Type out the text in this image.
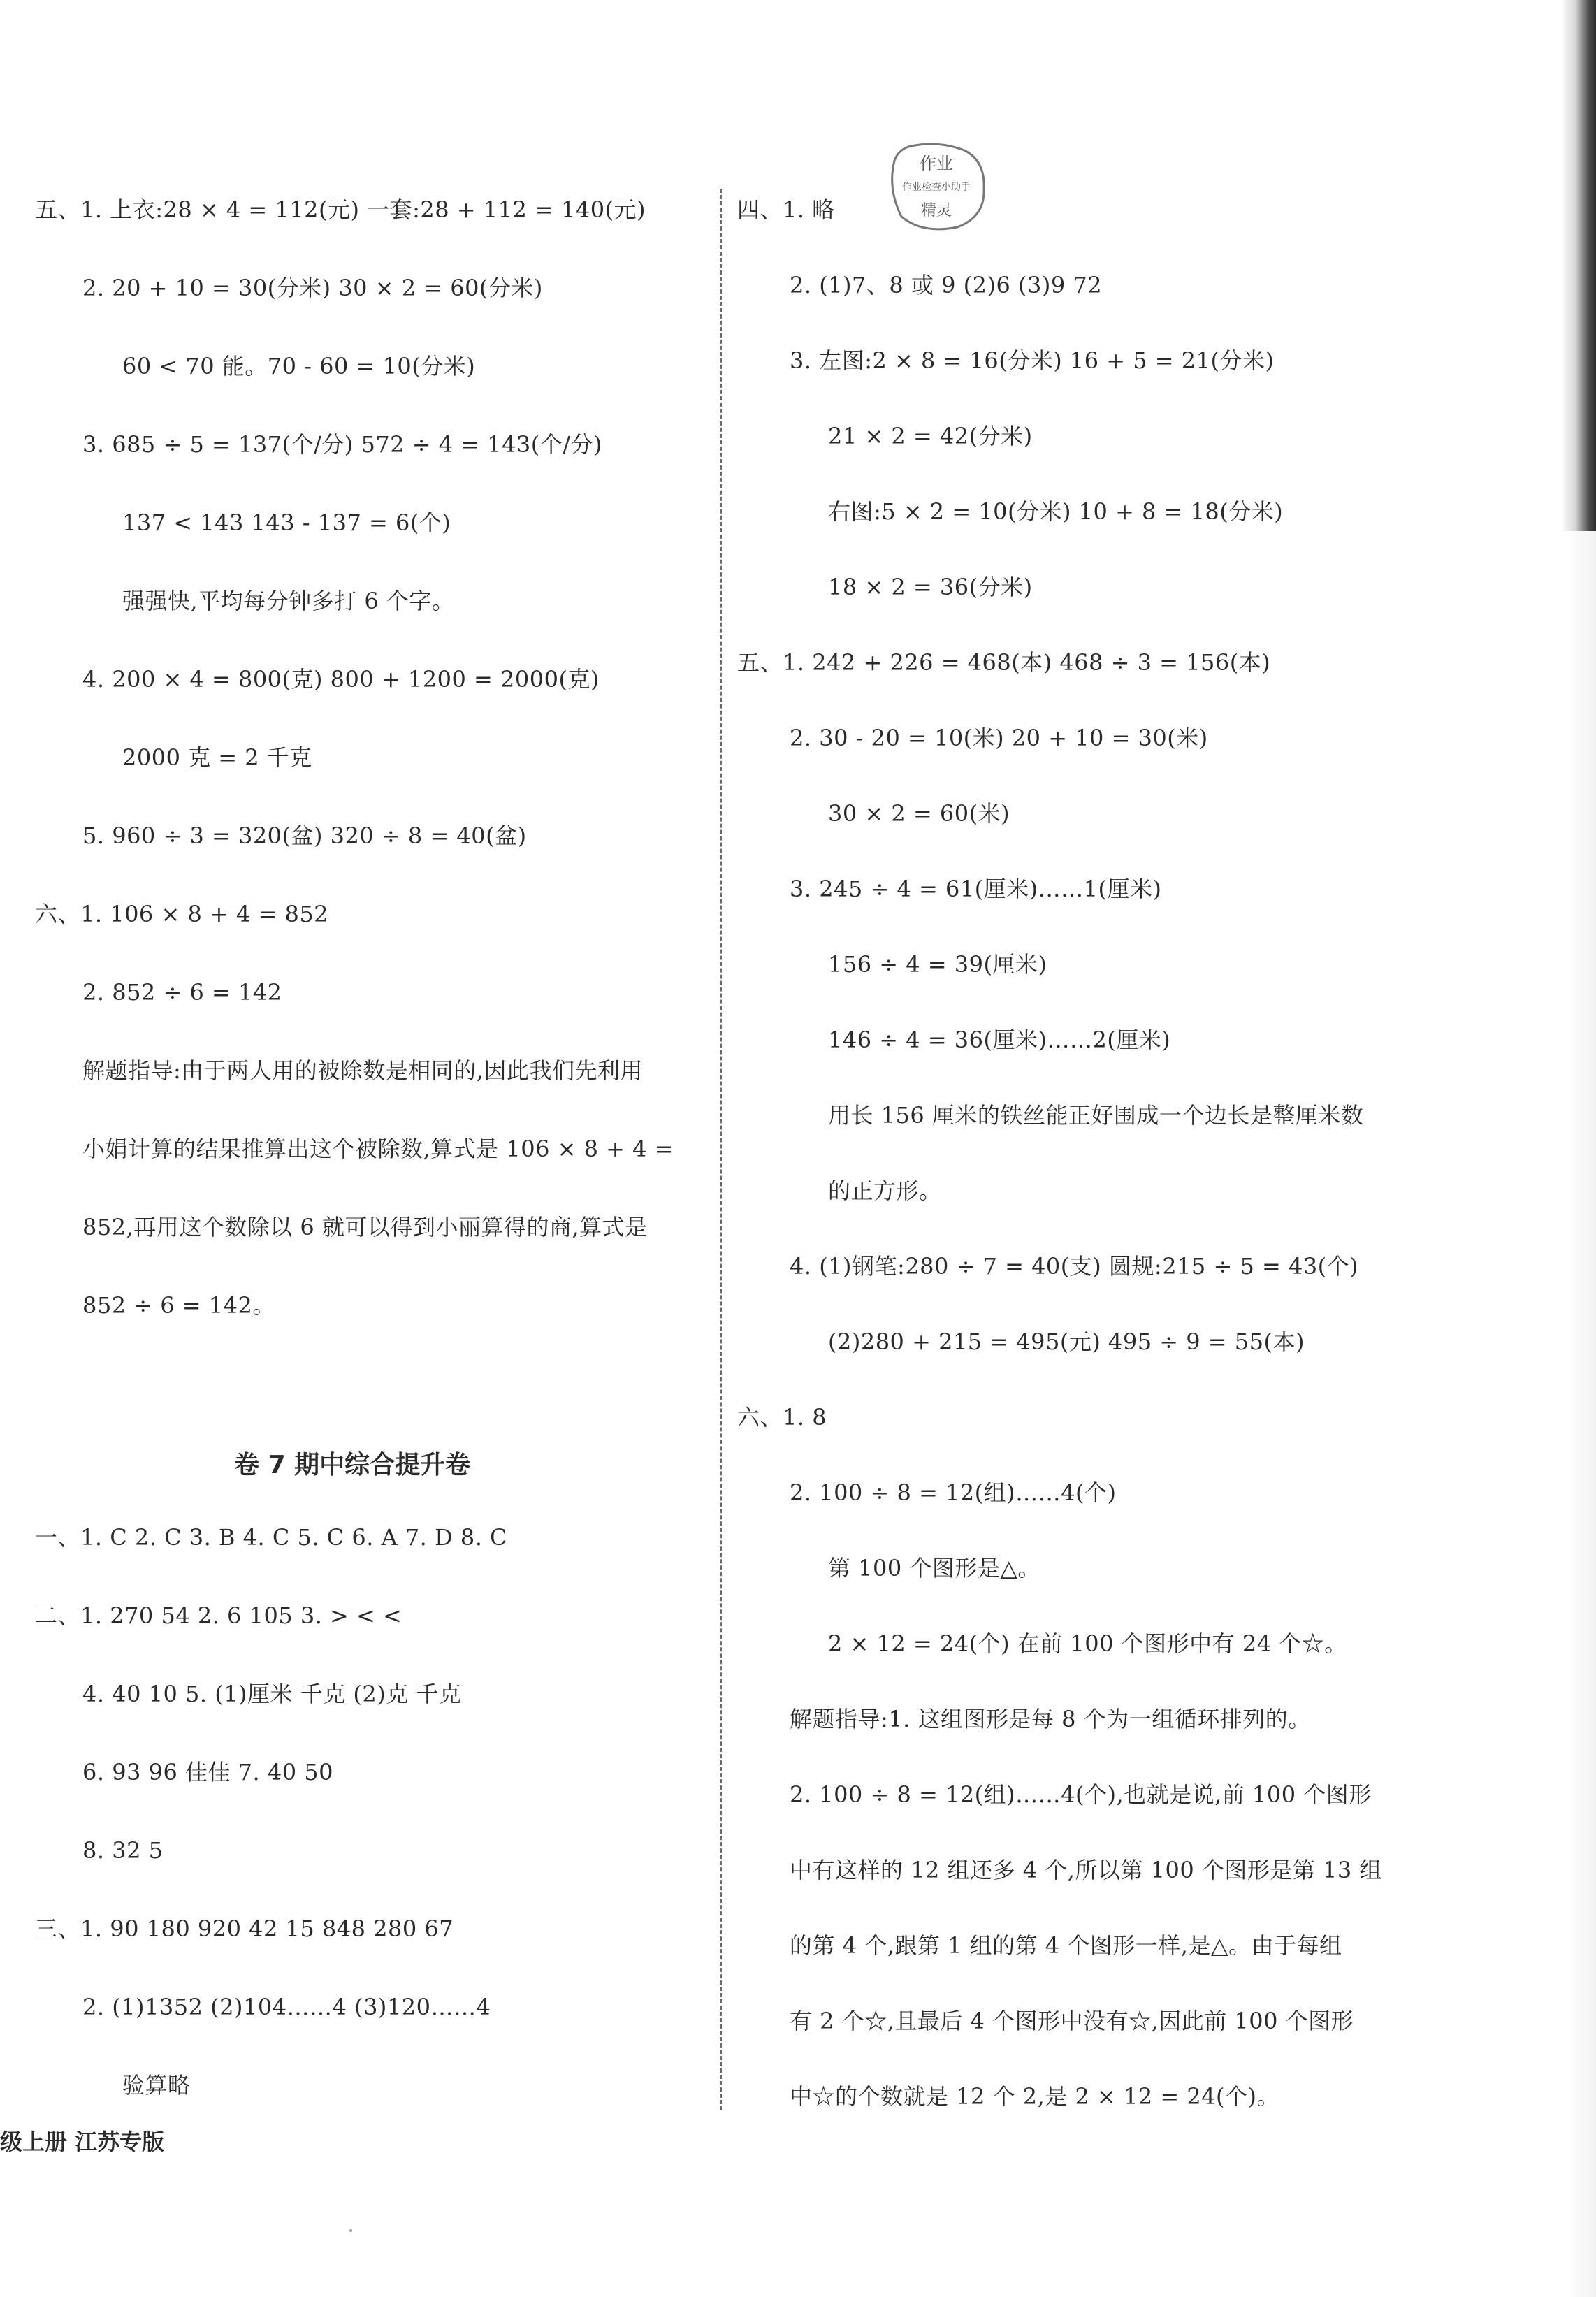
作业
作业检查小助手
精灵
五、1. 上衣:28 × 4 = 112(元) 一套:28 + 112 = 140(元)
2. 20 + 10 = 30(分米) 30 × 2 = 60(分米)
60 < 70 能。70 - 60 = 10(分米)
3. 685 ÷ 5 = 137(个/分) 572 ÷ 4 = 143(个/分)
137 < 143 143 - 137 = 6(个)
强强快,平均每分钟多打 6 个字。
4. 200 × 4 = 800(克) 800 + 1200 = 2000(克)
2000 克 = 2 千克
5. 960 ÷ 3 = 320(盆) 320 ÷ 8 = 40(盆)
六、1. 106 × 8 + 4 = 852
2. 852 ÷ 6 = 142
解题指导:由于两人用的被除数是相同的,因此我们先利用
小娟计算的结果推算出这个被除数,算式是 106 × 8 + 4 =
852,再用这个数除以 6 就可以得到小丽算得的商,算式是
852 ÷ 6 = 142。
卷 7 期中综合提升卷
一、1. C 2. C 3. B 4. C 5. C 6. A 7. D 8. C
二、1. 270 54 2. 6 105 3. > < <
4. 40 10 5. (1)厘米 千克 (2)克 千克
6. 93 96 佳佳 7. 40 50
8. 32 5
三、1. 90 180 920 42 15 848 280 67
2. (1)1352 (2)104……4 (3)120……4
验算略
四、1. 略
2. (1)7、8 或 9 (2)6 (3)9 72
3. 左图:2 × 8 = 16(分米) 16 + 5 = 21(分米)
21 × 2 = 42(分米)
右图:5 × 2 = 10(分米) 10 + 8 = 18(分米)
18 × 2 = 36(分米)
五、1. 242 + 226 = 468(本) 468 ÷ 3 = 156(本)
2. 30 - 20 = 10(米) 20 + 10 = 30(米)
30 × 2 = 60(米)
3. 245 ÷ 4 = 61(厘米)……1(厘米)
156 ÷ 4 = 39(厘米)
146 ÷ 4 = 36(厘米)……2(厘米)
用长 156 厘米的铁丝能正好围成一个边长是整厘米数
的正方形。
4. (1)钢笔:280 ÷ 7 = 40(支) 圆规:215 ÷ 5 = 43(个)
(2)280 + 215 = 495(元) 495 ÷ 9 = 55(本)
六、1. 8
2. 100 ÷ 8 = 12(组)……4(个)
第 100 个图形是△。
2 × 12 = 24(个) 在前 100 个图形中有 24 个☆。
解题指导:1. 这组图形是每 8 个为一组循环排列的。
2. 100 ÷ 8 = 12(组)……4(个),也就是说,前 100 个图形
中有这样的 12 组还多 4 个,所以第 100 个图形是第 13 组
的第 4 个,跟第 1 组的第 4 个图形一样,是△。由于每组
有 2 个☆,且最后 4 个图形中没有☆,因此前 100 个图形
中☆的个数就是 12 个 2,是 2 × 12 = 24(个)。
级上册 江苏专版
